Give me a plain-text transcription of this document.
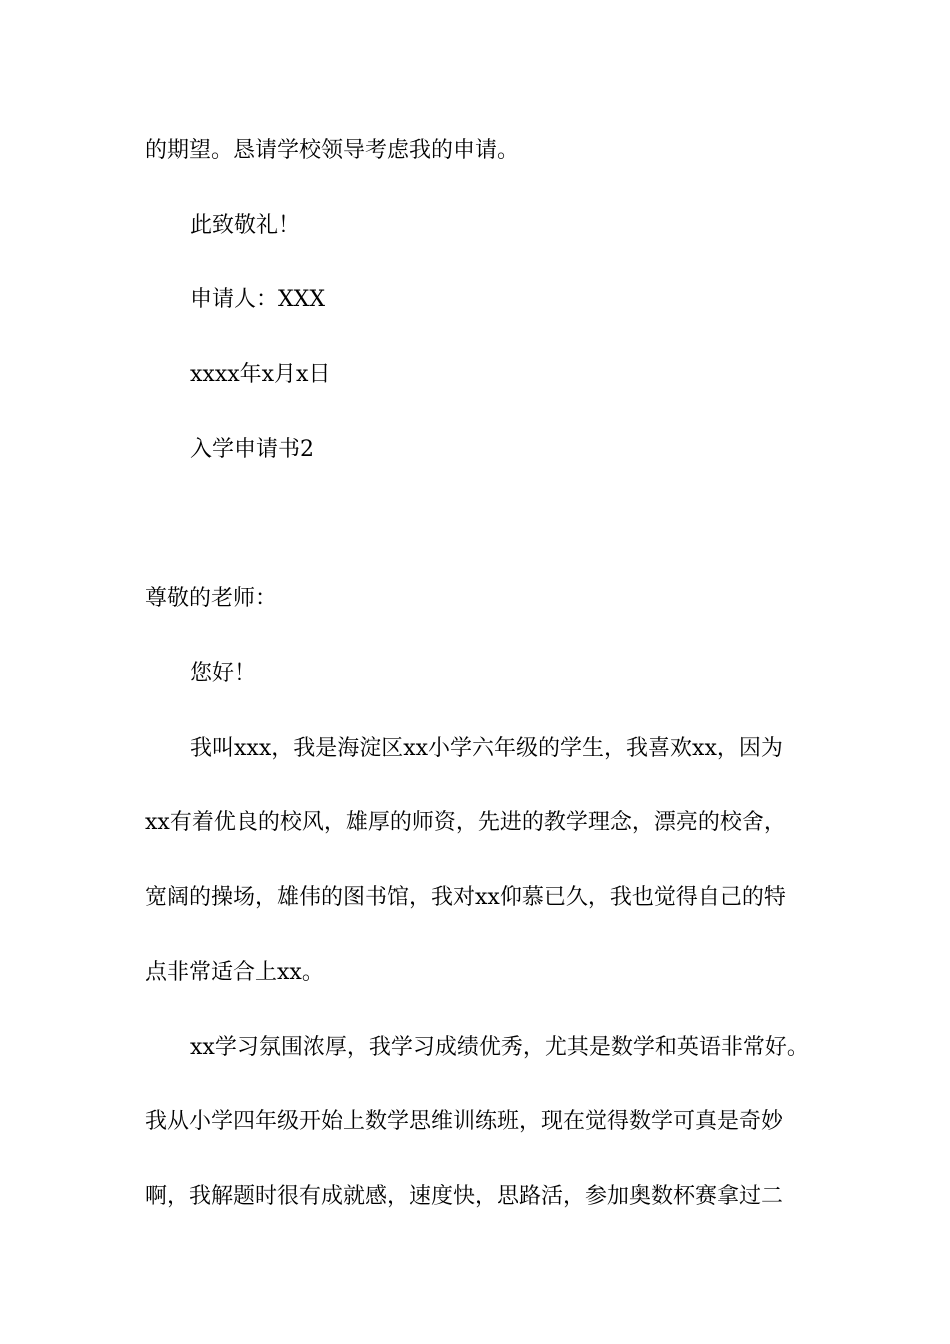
的期望。恳请学校领导考虑我的申请。
此致敬礼！
申请人：XXX
xxxx年x月x日
入学申请书2
尊敬的老师：
您好！
我叫xxx，我是海淀区xx小学六年级的学生，我喜欢xx，因为
xx有着优良的校风，雄厚的师资，先进的教学理念，漂亮的校舍，
宽阔的操场，雄伟的图书馆，我对xx仰慕已久，我也觉得自己的特
点非常适合上xx。
xx学习氛围浓厚，我学习成绩优秀，尤其是数学和英语非常好。
我从小学四年级开始上数学思维训练班，现在觉得数学可真是奇妙
啊，我解题时很有成就感，速度快，思路活，参加奥数杯赛拿过二
